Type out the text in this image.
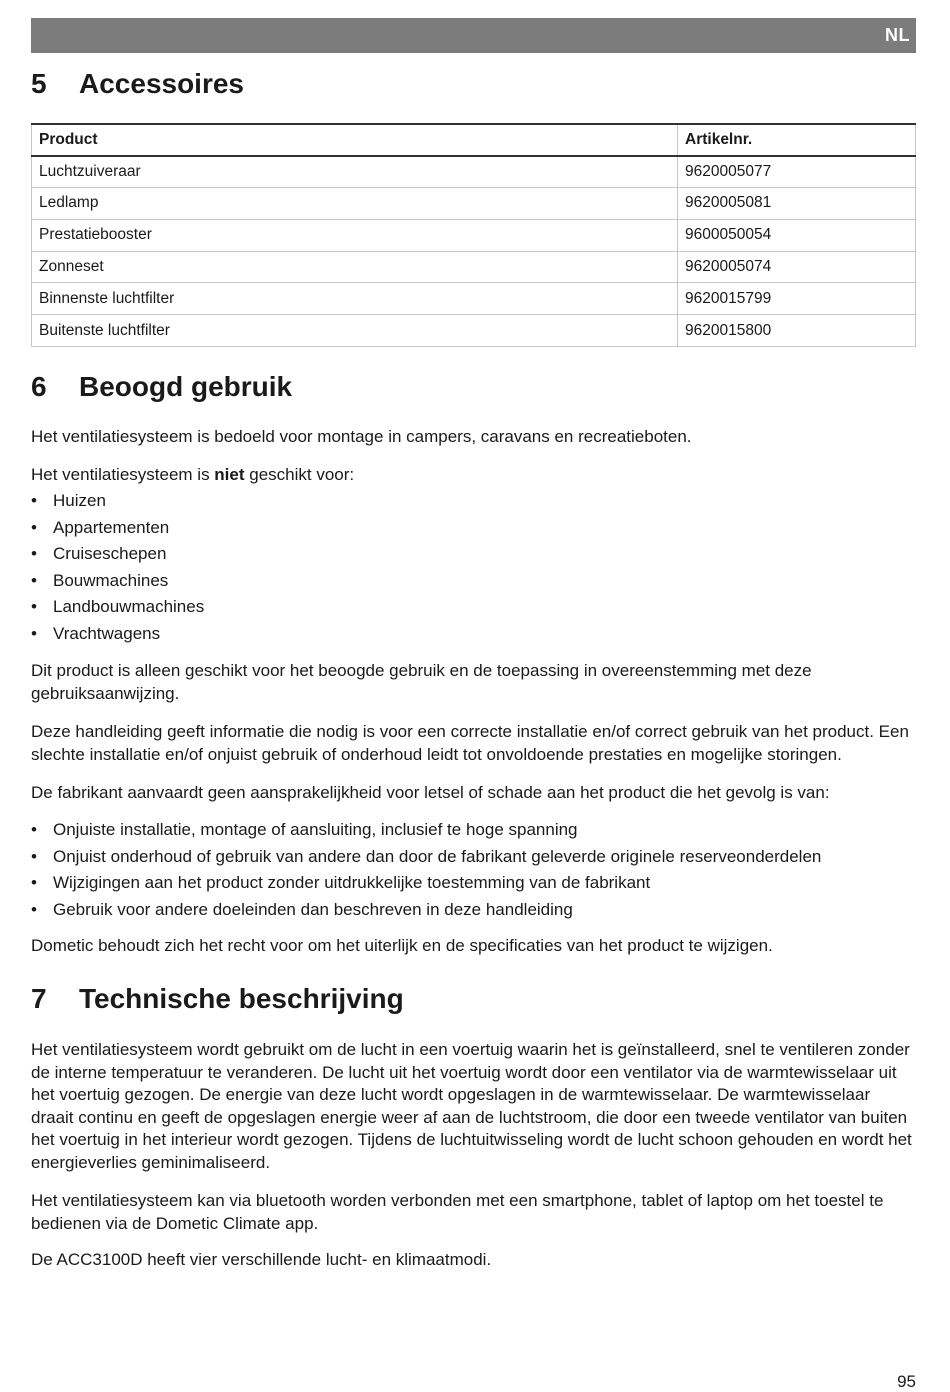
NL
5 Accessoires
Product	Artikelnr.
Luchtzuiveraar	9620005077
Ledlamp	9620005081
Prestatiebooster	9600050054
Zonneset	9620005074
Binnenste luchtfilter	9620015799
Buitenste luchtfilter	9620015800
6 Beoogd gebruik

Het ventilatiesysteem is bedoeld voor montage in campers, caravans en recreatieboten.

Het ventilatiesysteem is niet geschikt voor:

• Huizen
• Appartementen
• Cruiseschepen
• Bouwmachines
• Landbouwmachines
• Vrachtwagens

Dit product is alleen geschikt voor het beoogde gebruik en de toepassing in overeenstemming met deze gebruiksaanwijzing.

Deze handleiding geeft informatie die nodig is voor een correcte installatie en/of correct gebruik van het product. Een slechte installatie en/of onjuist gebruik of onderhoud leidt tot onvoldoende prestaties en mogelijke storingen.

De fabrikant aanvaardt geen aansprakelijkheid voor letsel of schade aan het product die het gevolg is van:

• Onjuiste installatie, montage of aansluiting, inclusief te hoge spanning
• Onjuist onderhoud of gebruik van andere dan door de fabrikant geleverde originele reserveonderdelen
• Wijzigingen aan het product zonder uitdrukkelijke toestemming van de fabrikant
• Gebruik voor andere doeleinden dan beschreven in deze handleiding

Dometic behoudt zich het recht voor om het uiterlijk en de specificaties van het product te wijzigen.

7 Technische beschrijving

Het ventilatiesysteem wordt gebruikt om de lucht in een voertuig waarin het is geïnstalleerd, snel te ventileren zonder de interne temperatuur te veranderen. De lucht uit het voertuig wordt door een ventilator via de warmtewisselaar uit het voertuig gezogen. De energie van deze lucht wordt opgeslagen in de warmtewisselaar. De warmtewisselaar draait continu en geeft de opgeslagen energie weer af aan de luchtstroom, die door een tweede ventilator van buiten het voertuig in het interieur wordt gezogen. Tijdens de luchtuitwisseling wordt de lucht schoon gehouden en wordt het energieverlies geminimaliseerd.

Het ventilatiesysteem kan via bluetooth worden verbonden met een smartphone, tablet of laptop om het toestel te bedienen via de Dometic Climate app.

De ACC3100D heeft vier verschillende lucht- en klimaatmodi.

95
